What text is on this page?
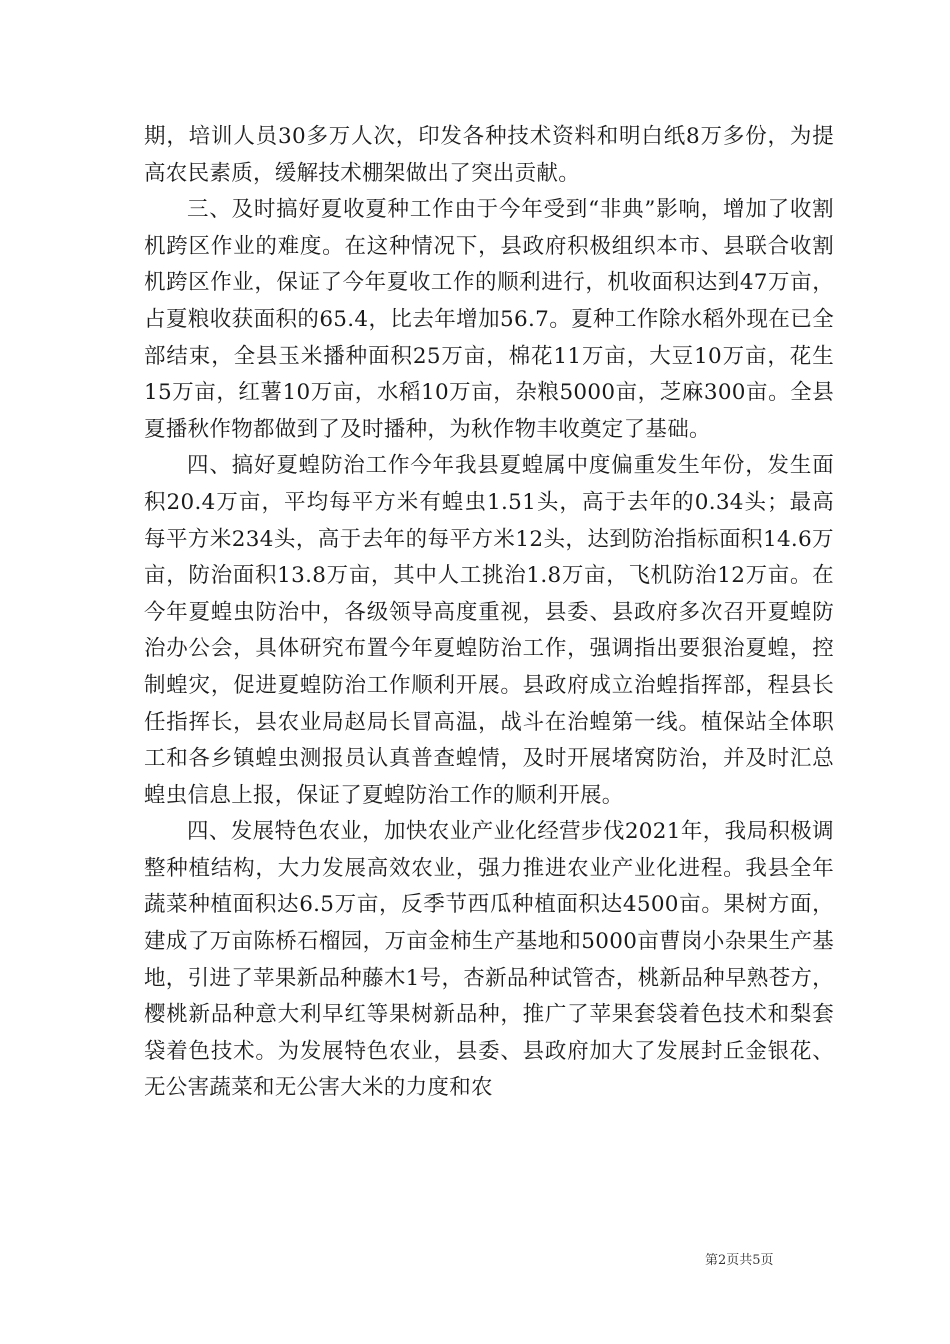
期，培训人员30多万人次，印发各种技术资料和明白纸8万多份，为提高农民素质，缓解技术棚架做出了突出贡献。

三、及时搞好夏收夏种工作由于今年受到“非典”影响，增加了收割机跨区作业的难度。在这种情况下，县政府积极组织本市、县联合收割机跨区作业，保证了今年夏收工作的顺利进行，机收面积达到47万亩，占夏粮收获面积的65.4，比去年增加56.7。夏种工作除水稻外现在已全部结束，全县玉米播种面积25万亩，棉花11万亩，大豆10万亩，花生15万亩，红薯10万亩，水稻10万亩，杂粮5000亩，芝麻300亩。全县夏播秋作物都做到了及时播种，为秋作物丰收奠定了基础。

四、搞好夏蝗防治工作今年我县夏蝗属中度偏重发生年份，发生面积20.4万亩，平均每平方米有蝗虫1.51头，高于去年的0.34头；最高每平方米234头，高于去年的每平方米12头，达到防治指标面积14.6万亩，防治面积13.8万亩，其中人工挑治1.8万亩，飞机防治12万亩。在今年夏蝗虫防治中，各级领导高度重视，县委、县政府多次召开夏蝗防治办公会，具体研究布置今年夏蝗防治工作，强调指出要狠治夏蝗，控制蝗灾，促进夏蝗防治工作顺利开展。县政府成立治蝗指挥部，程县长任指挥长，县农业局赵局长冒高温，战斗在治蝗第一线。植保站全体职工和各乡镇蝗虫测报员认真普查蝗情，及时开展堵窝防治，并及时汇总蝗虫信息上报，保证了夏蝗防治工作的顺利开展。

四、发展特色农业，加快农业产业化经营步伐2021年，我局积极调整种植结构，大力发展高效农业，强力推进农业产业化进程。我县全年蔬菜种植面积达6.5万亩，反季节西瓜种植面积达4500亩。果树方面，建成了万亩陈桥石榴园，万亩金柿生产基地和5000亩曹岗小杂果生产基地，引进了苹果新品种藤木1号，杏新品种试管杏，桃新品种早熟苍方，樱桃新品种意大利早红等果树新品种，推广了苹果套袋着色技术和梨套袋着色技术。为发展特色农业，县委、县政府加大了发展封丘金银花、无公害蔬菜和无公害大米的力度和农

第2页共5页
